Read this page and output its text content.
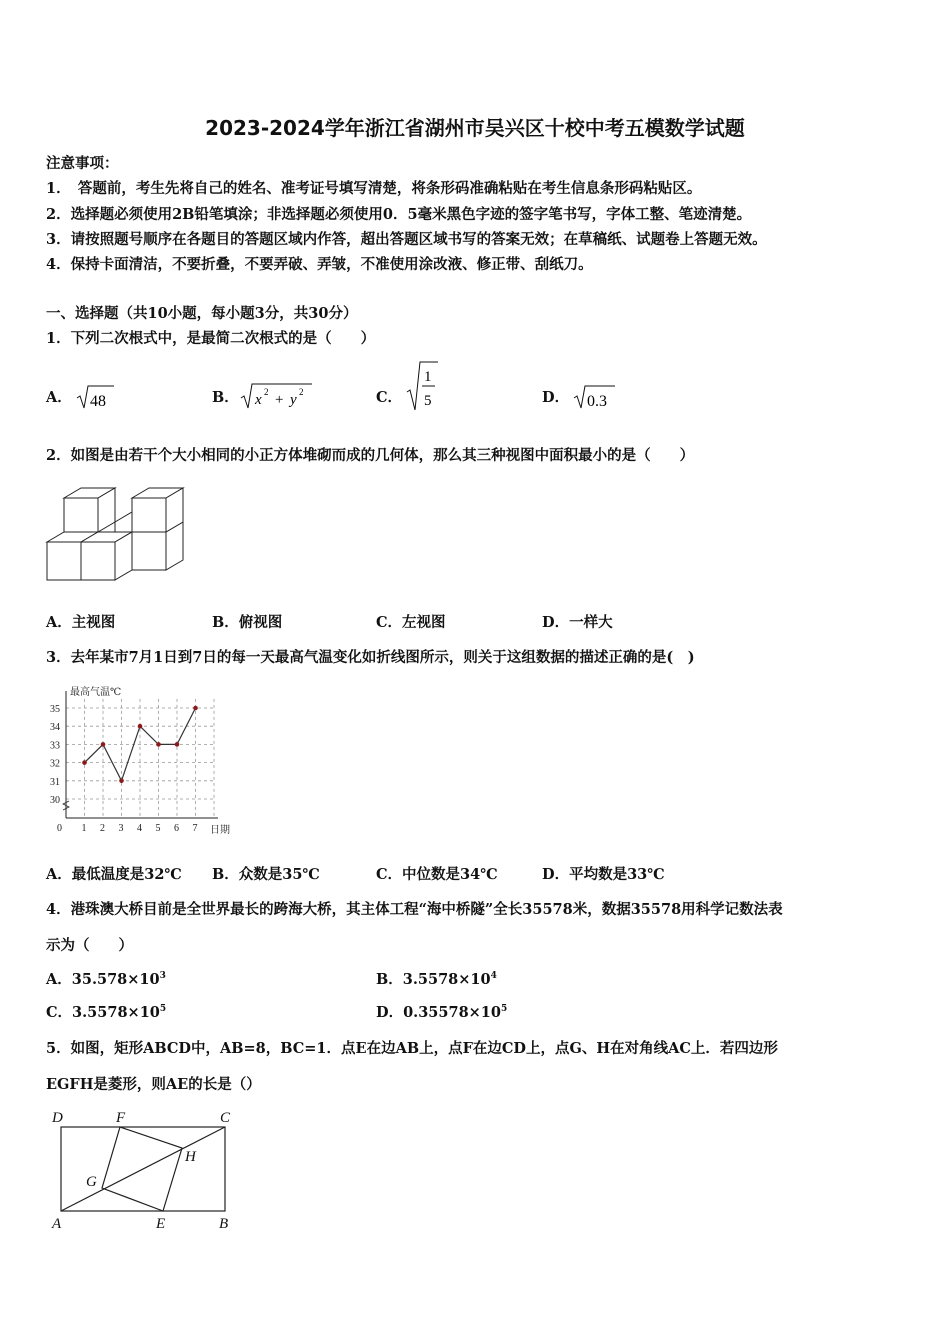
2023-2024学年浙江省湖州市吴兴区十校中考五模数学试题
注意事项：
1．　答题前，考生先将自己的姓名、准考证号填写清楚，将条形码准确粘贴在考生信息条形码粘贴区。
2．选择题必须使用2B铅笔填涂；非选择题必须使用0．5毫米黑色字迹的签字笔书写，字体工整、笔迹清楚。
3．请按照题号顺序在各题目的答题区域内作答，超出答题区域书写的答案无效；在草稿纸、试题卷上答题无效。
4．保持卡面清洁，不要折叠，不要弄破、弄皱，不准使用涂改液、修正带、刮纸刀。
一、选择题（共10小题，每小题3分，共30分）
1．下列二次根式中，是最简二次根式的是（　　）
A． 48	B． x 2 + y 2	C．
1
5	D． 0.3
2．如图是由若干个大小相同的小正方体堆砌而成的几何体，那么其三种视图中面积最小的是（　　）
A．主视图	B．俯视图	C．左视图	D．一样大
3．去年某市7月1日到7日的每一天最高气温变化如折线图所示，则关于这组数据的描述正确的是(　)
30
31
32
33
34
35
0 1 2 3 4 5 6 7
最高气温℃
日期
A．最低温度是32℃ B．众数是35℃	C．中位数是34℃	D．平均数是33℃
4．港珠澳大桥目前是全世界最长的跨海大桥，其主体工程“海中桥隧”全长35578米，数据35578用科学记数法表
示为（　　）
A．$35.578\times 10^3$	B．$3.5578\times 10^4$
C．$3.5578\times 10^5$	D．$0.35578\times 10^5$
5．如图，矩形ABCD中，AB=8，BC=1．点E在边AB上，点F在边CD上，点G、H在对角线AC上．若四边形
EGFH是菱形，则AE的长是（）
D	F	C
H
G
A	E	B
